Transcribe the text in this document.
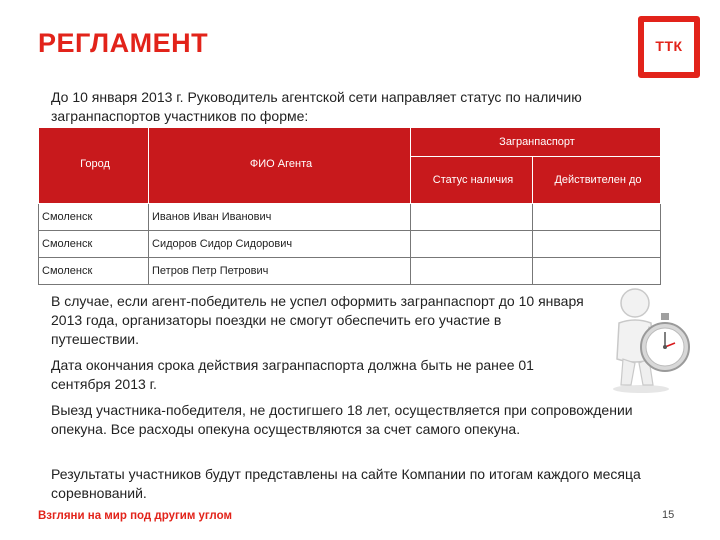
РЕГЛАМЕНТ	ТТК
До 10 января 2013 г. Руководитель агентской сети направляет статус по наличию загранпаспортов участников по форме:
Город	ФИО Агента	Загранпаспорт	
		Статус наличия	Действителен до
Смоленск	Иванов Иван Иванович		
Смоленск	Сидоров Сидор Сидорович		
Смоленск	Петров Петр Петрович		
В случае, если агент-победитель не успел оформить загранпаспорт до 10 января 2013 года, организаторы поездки не смогут обеспечить его участие в путешествии.
Дата окончания срока действия загранпаспорта должна быть не ранее 01 сентября 2013 г.
Выезд участника-победителя, не достигшего 18 лет, осуществляется при сопровождении опекуна. Все расходы опекуна осуществляются за счет самого опекуна.
Результаты участников будут представлены на сайте Компании по итогам каждого месяца соревнований.
Взгляни на мир под другим углом	15
